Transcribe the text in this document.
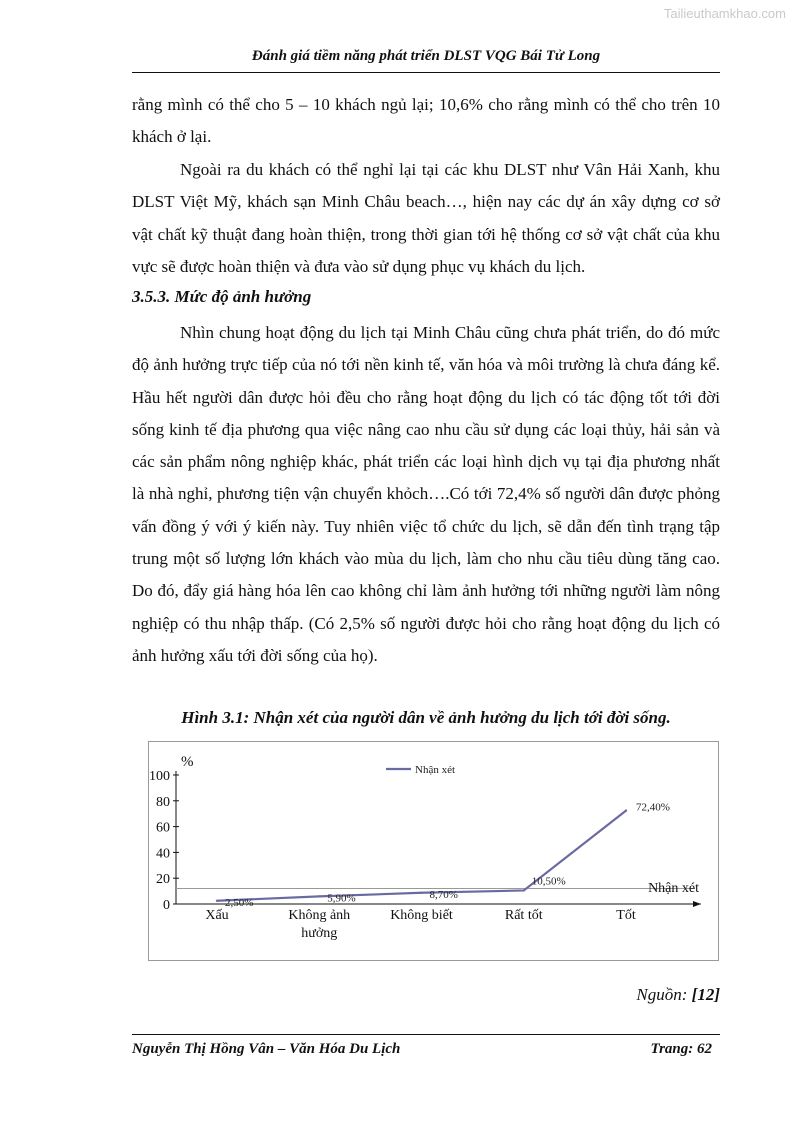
Tailieuthamkhao.com
Đánh giá tiềm năng phát triển DLST VQG Bái Tử Long

rằng mình có thể cho 5 – 10 khách ngủ lại; 10,6% cho rằng mình có thể cho trên 10 khách ở lại.

Ngoài ra du khách có thể nghỉ lại tại các khu DLST như Vân Hải Xanh, khu DLST Việt Mỹ, khách sạn Minh Châu beach…, hiện nay các dự án xây dựng cơ sở vật chất kỹ thuật đang hoàn thiện, trong thời gian tới hệ thống cơ sở vật chất của khu vực sẽ được hoàn thiện và đưa vào sử dụng phục vụ khách du lịch.

3.5.3. Mức độ ảnh hưởng

Nhìn chung hoạt động du lịch tại Minh Châu cũng chưa phát triển, do đó mức độ ảnh hưởng trực tiếp của nó tới nền kinh tế, văn hóa và môi trường là chưa đáng kể. Hầu hết người dân được hỏi đều cho rằng hoạt động du lịch có tác động tốt tới đời sống kinh tế địa phương qua việc nâng cao nhu cầu sử dụng các loại thủy, hải sản và các sản phẩm nông nghiệp khác, phát triển các loại hình dịch vụ tại địa phương nhất là nhà nghỉ, phương tiện vận chuyển khỏch….Có tới 72,4% số người dân được phỏng vấn đồng ý với ý kiến này. Tuy nhiên việc tổ chức du lịch, sẽ dẫn đến tình trạng tập trung một số lượng lớn khách vào mùa du lịch, làm cho nhu cầu tiêu dùng tăng cao. Do đó, đẩy giá hàng hóa lên cao không chỉ làm ảnh hưởng tới những người làm nông nghiệp có thu nhập thấp. (Có 2,5% số người được hỏi cho rằng hoạt động du lịch có ảnh hưởng xấu tới đời sống của họ).

Hình 3.1: Nhận xét của người dân về ảnh hưởng du lịch tới đời sống.
0
20
40
60
80
100
%
Nhận xét
Xấu	Không ảnh
hưởng
Không biết	Rất tốt	Tốt
2,50%	5,90%	8,70%
10,50%
72,40%
Nhận xét
Nguồn: [12]
Nguyễn Thị Hồng Vân – Văn Hóa Du Lịch	Trang: 62
